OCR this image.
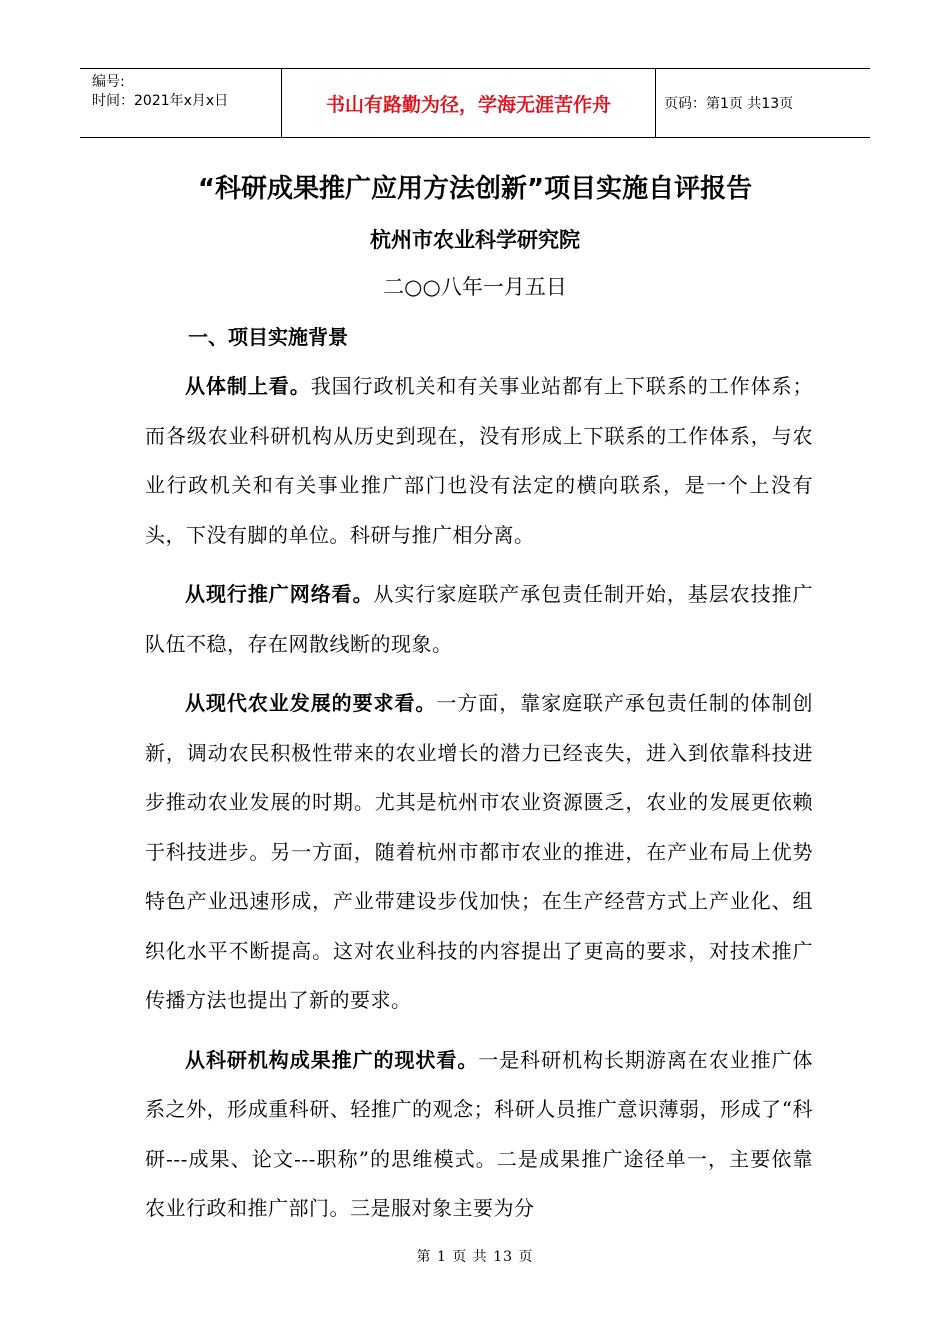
编号:
时间：2021年x月x日	书山有路勤为径，学海无涯苦作舟	页码：第1页 共13页
“科研成果推广应用方法创新”项目实施自评报告
杭州市农业科学研究院
二○○八年一月五日
一、项目实施背景

从体制上看。我国行政机关和有关事业站都有上下联系的工作体系；而各级农业科研机构从历史到现在，没有形成上下联系的工作体系，与农业行政机关和有关事业推广部门也没有法定的横向联系，是一个上没有头，下没有脚的单位。科研与推广相分离。

从现行推广网络看。从实行家庭联产承包责任制开始，基层农技推广队伍不稳，存在网散线断的现象。

从现代农业发展的要求看。一方面，靠家庭联产承包责任制的体制创新，调动农民积极性带来的农业增长的潜力已经丧失，进入到依靠科技进步推动农业发展的时期。尤其是杭州市农业资源匮乏，农业的发展更依赖于科技进步。另一方面，随着杭州市都市农业的推进，在产业布局上优势特色产业迅速形成，产业带建设步伐加快；在生产经营方式上产业化、组织化水平不断提高。这对农业科技的内容提出了更高的要求，对技术推广传播方法也提出了新的要求。

从科研机构成果推广的现状看。一是科研机构长期游离在农业推广体系之外，形成重科研、轻推广的观念；科研人员推广意识薄弱，形成了“科研---成果、论文---职称”的思维模式。二是成果推广途径单一，主要依靠农业行政和推广部门。三是服对象主要为分

第 1 页 共 13 页
